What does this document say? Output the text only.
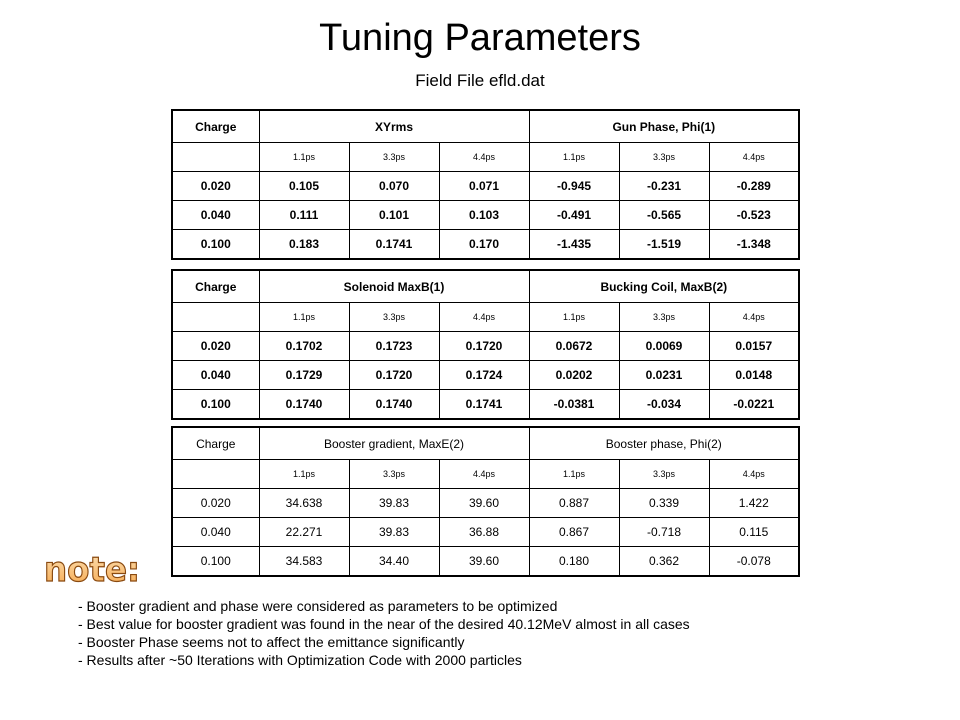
Tuning Parameters
Field File efld.dat
Charge	XYrms			Gun Phase, Phi(1)		
	1.1ps	3.3ps	4.4ps	1.1ps	3.3ps	4.4ps
0.020	0.105	0.070	0.071	-0.945	-0.231	-0.289
0.040	0.111	0.101	0.103	-0.491	-0.565	-0.523
0.100	0.183	0.1741	0.170	-1.435	-1.519	-1.348
Charge	Solenoid MaxB(1)			Bucking Coil, MaxB(2)		
	1.1ps	3.3ps	4.4ps	1.1ps	3.3ps	4.4ps
0.020	0.1702	0.1723	0.1720	0.0672	0.0069	0.0157
0.040	0.1729	0.1720	0.1724	0.0202	0.0231	0.0148
0.100	0.1740	0.1740	0.1741	-0.0381	-0.034	-0.0221
Charge	Booster gradient, MaxE(2)			Booster phase, Phi(2)		
	1.1ps	3.3ps	4.4ps	1.1ps	3.3ps	4.4ps
0.020	34.638	39.83	39.60	0.887	0.339	1.422
0.040	22.271	39.83	36.88	0.867	-0.718	0.115
0.100	34.583	34.40	39.60	0.180	0.362	-0.078
note:
- Booster gradient and phase were considered as parameters to be optimized
- Best value for booster gradient was found in the near of the desired 40.12MeV almost in all cases
- Booster Phase seems not to affect the emittance significantly
- Results after ~50 Iterations with Optimization Code with 2000 particles
